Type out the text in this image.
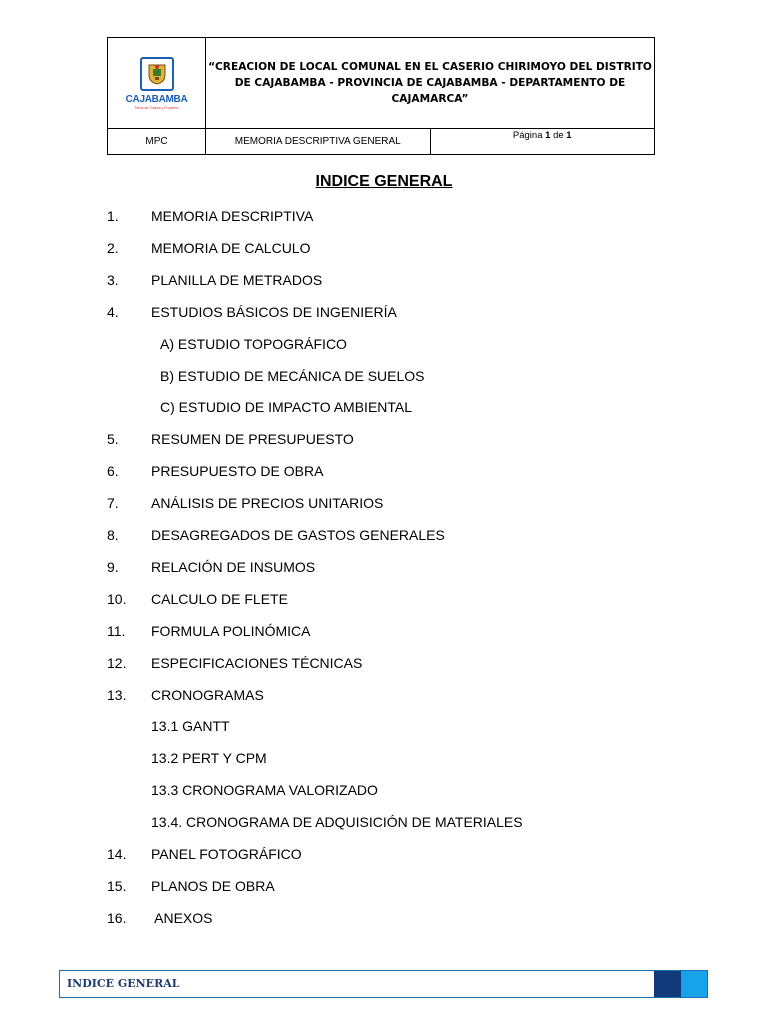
CAJABAMBA
Tierra de Cultura y Progreso	“CREACION DE LOCAL COMUNAL EN EL CASERIO CHIRIMOYO DEL DISTRITO DE CAJABAMBA - PROVINCIA DE CAJABAMBA - DEPARTAMENTO DE CAJAMARCA”	
MPC	MEMORIA DESCRIPTIVA GENERAL	Página 1 de 1
INDICE GENERAL
1. MEMORIA DESCRIPTIVA
2. MEMORIA DE CALCULO
3. PLANILLA DE METRADOS
4. ESTUDIOS BÁSICOS DE INGENIERÍA
A) ESTUDIO TOPOGRÁFICO
B) ESTUDIO DE MECÁNICA DE SUELOS
C) ESTUDIO DE IMPACTO AMBIENTAL
5. RESUMEN DE PRESUPUESTO
6. PRESUPUESTO DE OBRA
7. ANÁLISIS DE PRECIOS UNITARIOS
8. DESAGREGADOS DE GASTOS GENERALES
9. RELACIÓN DE INSUMOS
10. CALCULO DE FLETE
11. FORMULA POLINÓMICA
12. ESPECIFICACIONES TÉCNICAS
13. CRONOGRAMAS
13.1 GANTT
13.2 PERT Y CPM
13.3 CRONOGRAMA VALORIZADO
13.4. CRONOGRAMA DE ADQUISICIÓN DE MATERIALES
14. PANEL FOTOGRÁFICO
15. PLANOS DE OBRA
16. ANEXOS
INDICE GENERAL
